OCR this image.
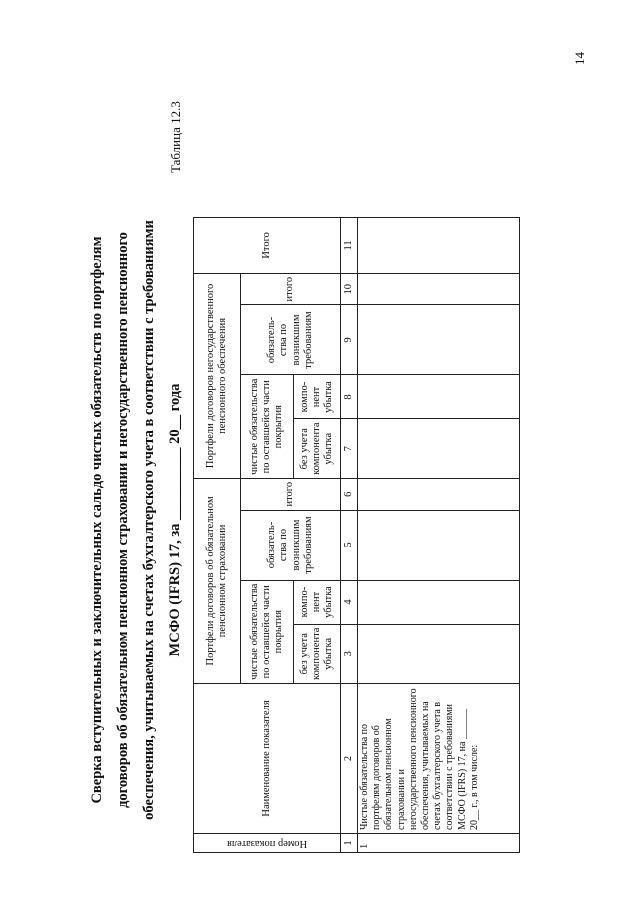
Сверка вступительных и заключительных сальдо чистых обязательств по портфелям договоров об обязательном пенсионном страховании и негосударственного пенсионного обеспечения, учитываемых на счетах бухгалтерского учета в соответствии с требованиями МСФО (IFRS) 17, за __________ 20__ года
Таблица 12.3
14
Номер показателя	Наименование показателя	Портфели договоров об обязательном пенсионном страховании				Портфели договоров негосударственного пенсионного обеспечения				Итого
		чистые обязательства по оставшейся части покрытия		обязатель-ства по возникшим требованиям	итого	чистые обязательства по оставшейся части покрытия		обязатель-ства по возникшим требованиям	итого	
		без учета компонента убытка	компо-нент убытка			без учета компонента убытка	компо-нент убытка			
1	2	3	4	5	6	7	8	9	10	11
1	Чистые обязательства по портфелям договоров об обязательном пенсионном страховании и негосударственного пенсионного обеспечения, учитываемых на счетах бухгалтерского учета в соответствии с требованиями МСФО (IFRS) 17, на ______ 20__ г., в том числе:									
